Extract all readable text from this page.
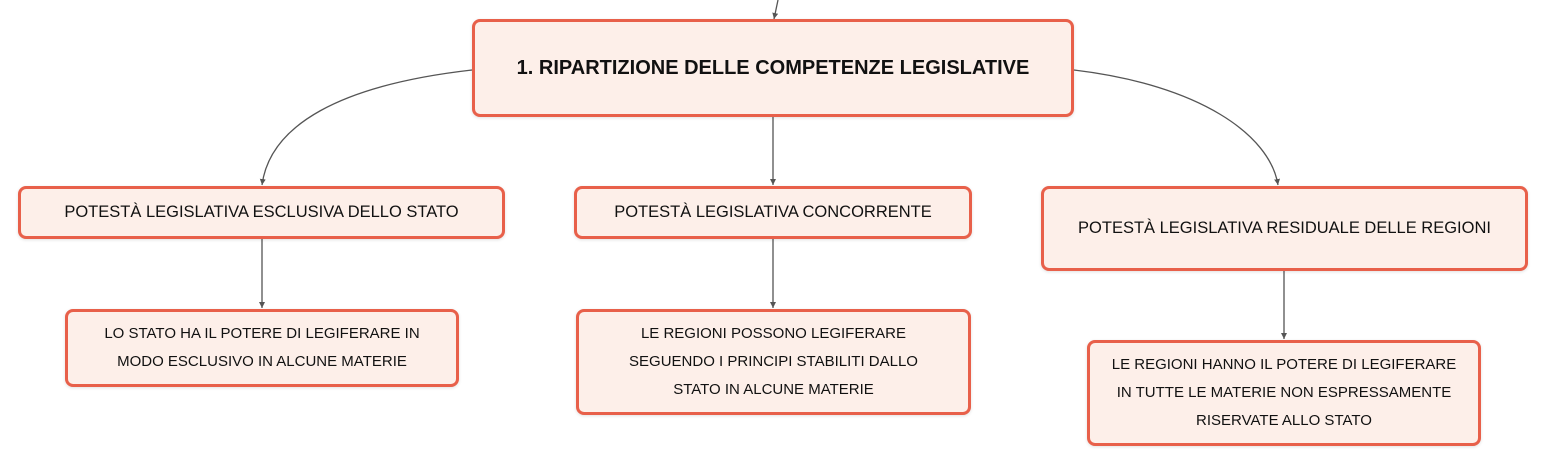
1. RIPARTIZIONE DELLE COMPETENZE LEGISLATIVE
POTESTÀ LEGISLATIVA ESCLUSIVA DELLO STATO	POTESTÀ LEGISLATIVA CONCORRENTE
POTESTÀ LEGISLATIVA RESIDUALE DELLE REGIONI
LO STATO HA IL POTERE DI LEGIFERARE IN
MODO ESCLUSIVO IN ALCUNE MATERIE
LE REGIONI POSSONO LEGIFERARE
SEGUENDO I PRINCIPI STABILITI DALLO
STATO IN ALCUNE MATERIE
LE REGIONI HANNO IL POTERE DI LEGIFERARE
IN TUTTE LE MATERIE NON ESPRESSAMENTE
RISERVATE ALLO STATO
